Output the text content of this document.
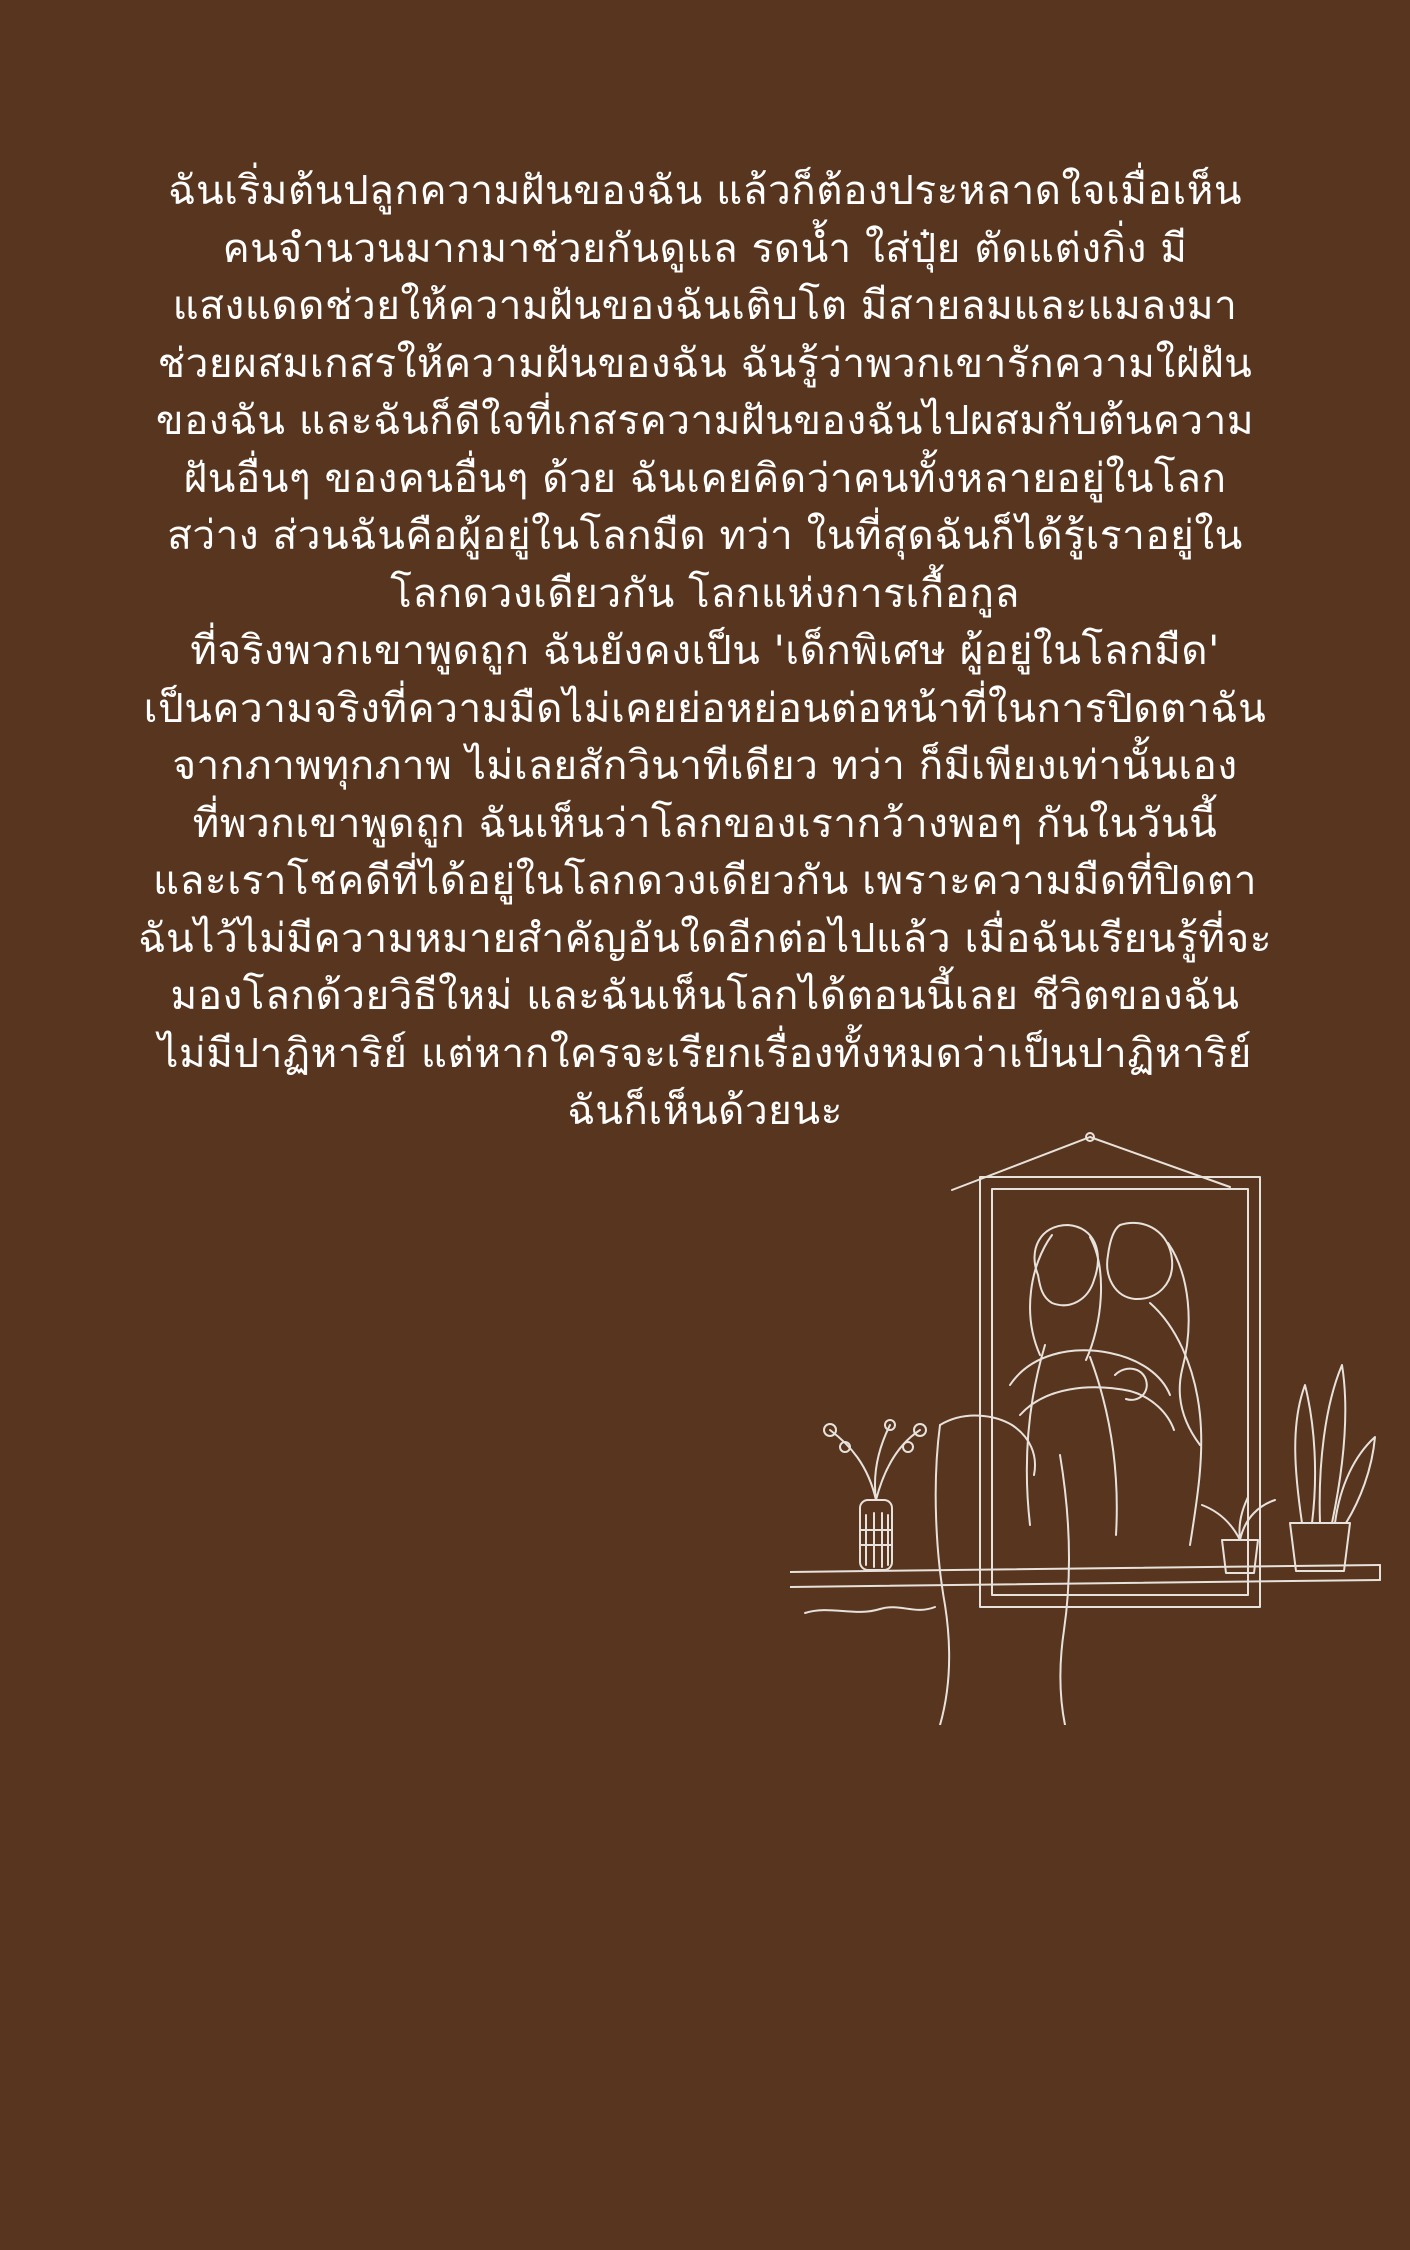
ฉันเริ่มต้นปลูกความฝันของฉัน แล้วก็ต้องประหลาดใจเมื่อเห็น
คนจำนวนมากมาช่วยกันดูแล รดน้ำ ใส่ปุ๋ย ตัดแต่งกิ่ง มี
แสงแดดช่วยให้ความฝันของฉันเติบโต มีสายลมและแมลงมา
ช่วยผสมเกสรให้ความฝันของฉัน ฉันรู้ว่าพวกเขารักความใฝ่ฝัน
ของฉัน และฉันก็ดีใจที่เกสรความฝันของฉันไปผสมกับต้นความ
ฝันอื่นๆ ของคนอื่นๆ ด้วย ฉันเคยคิดว่าคนทั้งหลายอยู่ในโลก
สว่าง ส่วนฉันคือผู้อยู่ในโลกมืด ทว่า ในที่สุดฉันก็ได้รู้เราอยู่ใน
โลกดวงเดียวกัน โลกแห่งการเกื้อกูล
ที่จริงพวกเขาพูดถูก ฉันยังคงเป็น 'เด็กพิเศษ ผู้อยู่ในโลกมืด'
เป็นความจริงที่ความมืดไม่เคยย่อหย่อนต่อหน้าที่ในการปิดตาฉัน
จากภาพทุกภาพ ไม่เลยสักวินาทีเดียว ทว่า ก็มีเพียงเท่านั้นเอง
ที่พวกเขาพูดถูก ฉันเห็นว่าโลกของเรากว้างพอๆ กันในวันนี้
และเราโชคดีที่ได้อยู่ในโลกดวงเดียวกัน เพราะความมืดที่ปิดตา
ฉันไว้ไม่มีความหมายสำคัญอันใดอีกต่อไปแล้ว เมื่อฉันเรียนรู้ที่จะ
มองโลกด้วยวิธีใหม่ และฉันเห็นโลกได้ตอนนี้เลย ชีวิตของฉัน
ไม่มีปาฏิหาริย์ แต่หากใครจะเรียกเรื่องทั้งหมดว่าเป็นปาฏิหาริย์
ฉันก็เห็นด้วยนะ
